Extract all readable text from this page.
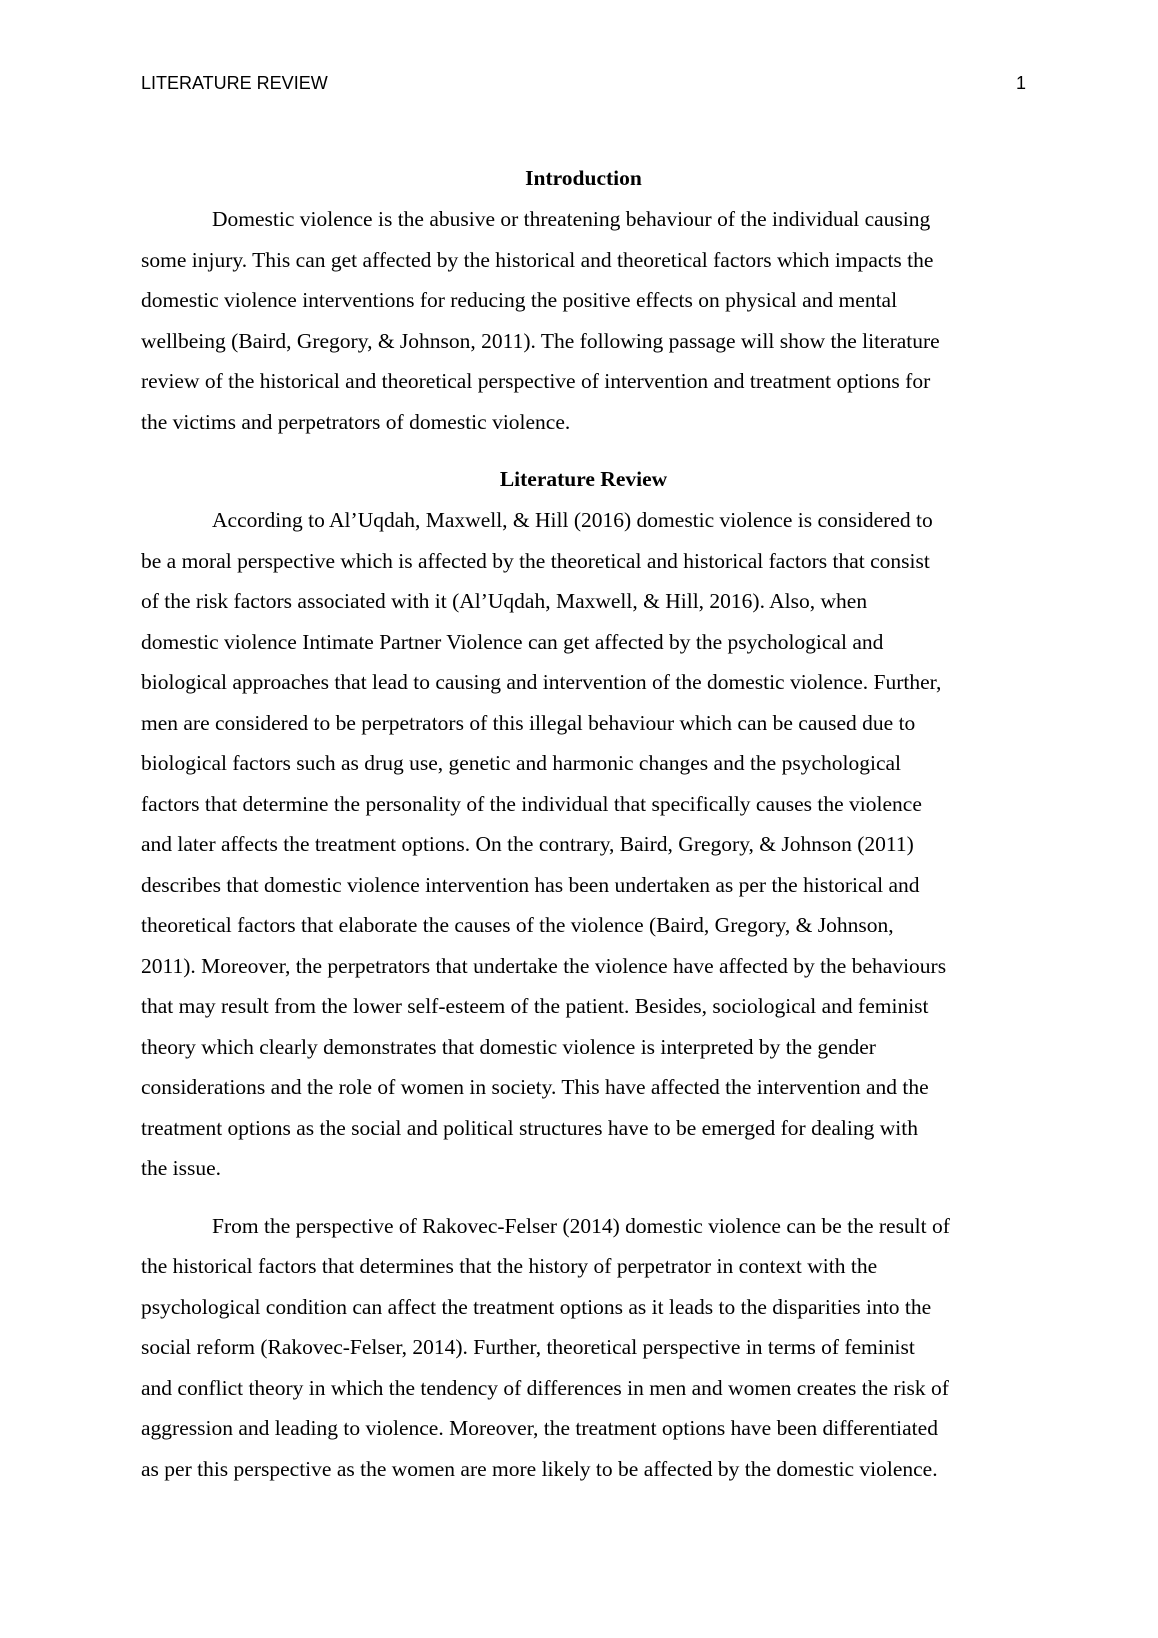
LITERATURE REVIEW	1
Introduction

Domestic violence is the abusive or threatening behaviour of the individual causing
some injury. This can get affected by the historical and theoretical factors which impacts the
domestic violence interventions for reducing the positive effects on physical and mental
wellbeing (Baird, Gregory, & Johnson, 2011). The following passage will show the literature
review of the historical and theoretical perspective of intervention and treatment options for
the victims and perpetrators of domestic violence.

Literature Review

According to Al’Uqdah, Maxwell, & Hill (2016) domestic violence is considered to
be a moral perspective which is affected by the theoretical and historical factors that consist
of the risk factors associated with it (Al’Uqdah, Maxwell, & Hill, 2016). Also, when
domestic violence Intimate Partner Violence can get affected by the psychological and
biological approaches that lead to causing and intervention of the domestic violence. Further,
men are considered to be perpetrators of this illegal behaviour which can be caused due to
biological factors such as drug use, genetic and harmonic changes and the psychological
factors that determine the personality of the individual that specifically causes the violence
and later affects the treatment options. On the contrary, Baird, Gregory, & Johnson (2011)
describes that domestic violence intervention has been undertaken as per the historical and
theoretical factors that elaborate the causes of the violence (Baird, Gregory, & Johnson,
2011). Moreover, the perpetrators that undertake the violence have affected by the behaviours
that may result from the lower self-esteem of the patient. Besides, sociological and feminist
theory which clearly demonstrates that domestic violence is interpreted by the gender
considerations and the role of women in society. This have affected the intervention and the
treatment options as the social and political structures have to be emerged for dealing with
the issue.

From the perspective of Rakovec-Felser (2014) domestic violence can be the result of
the historical factors that determines that the history of perpetrator in context with the
psychological condition can affect the treatment options as it leads to the disparities into the
social reform (Rakovec-Felser, 2014). Further, theoretical perspective in terms of feminist
and conflict theory in which the tendency of differences in men and women creates the risk of
aggression and leading to violence. Moreover, the treatment options have been differentiated
as per this perspective as the women are more likely to be affected by the domestic violence.
